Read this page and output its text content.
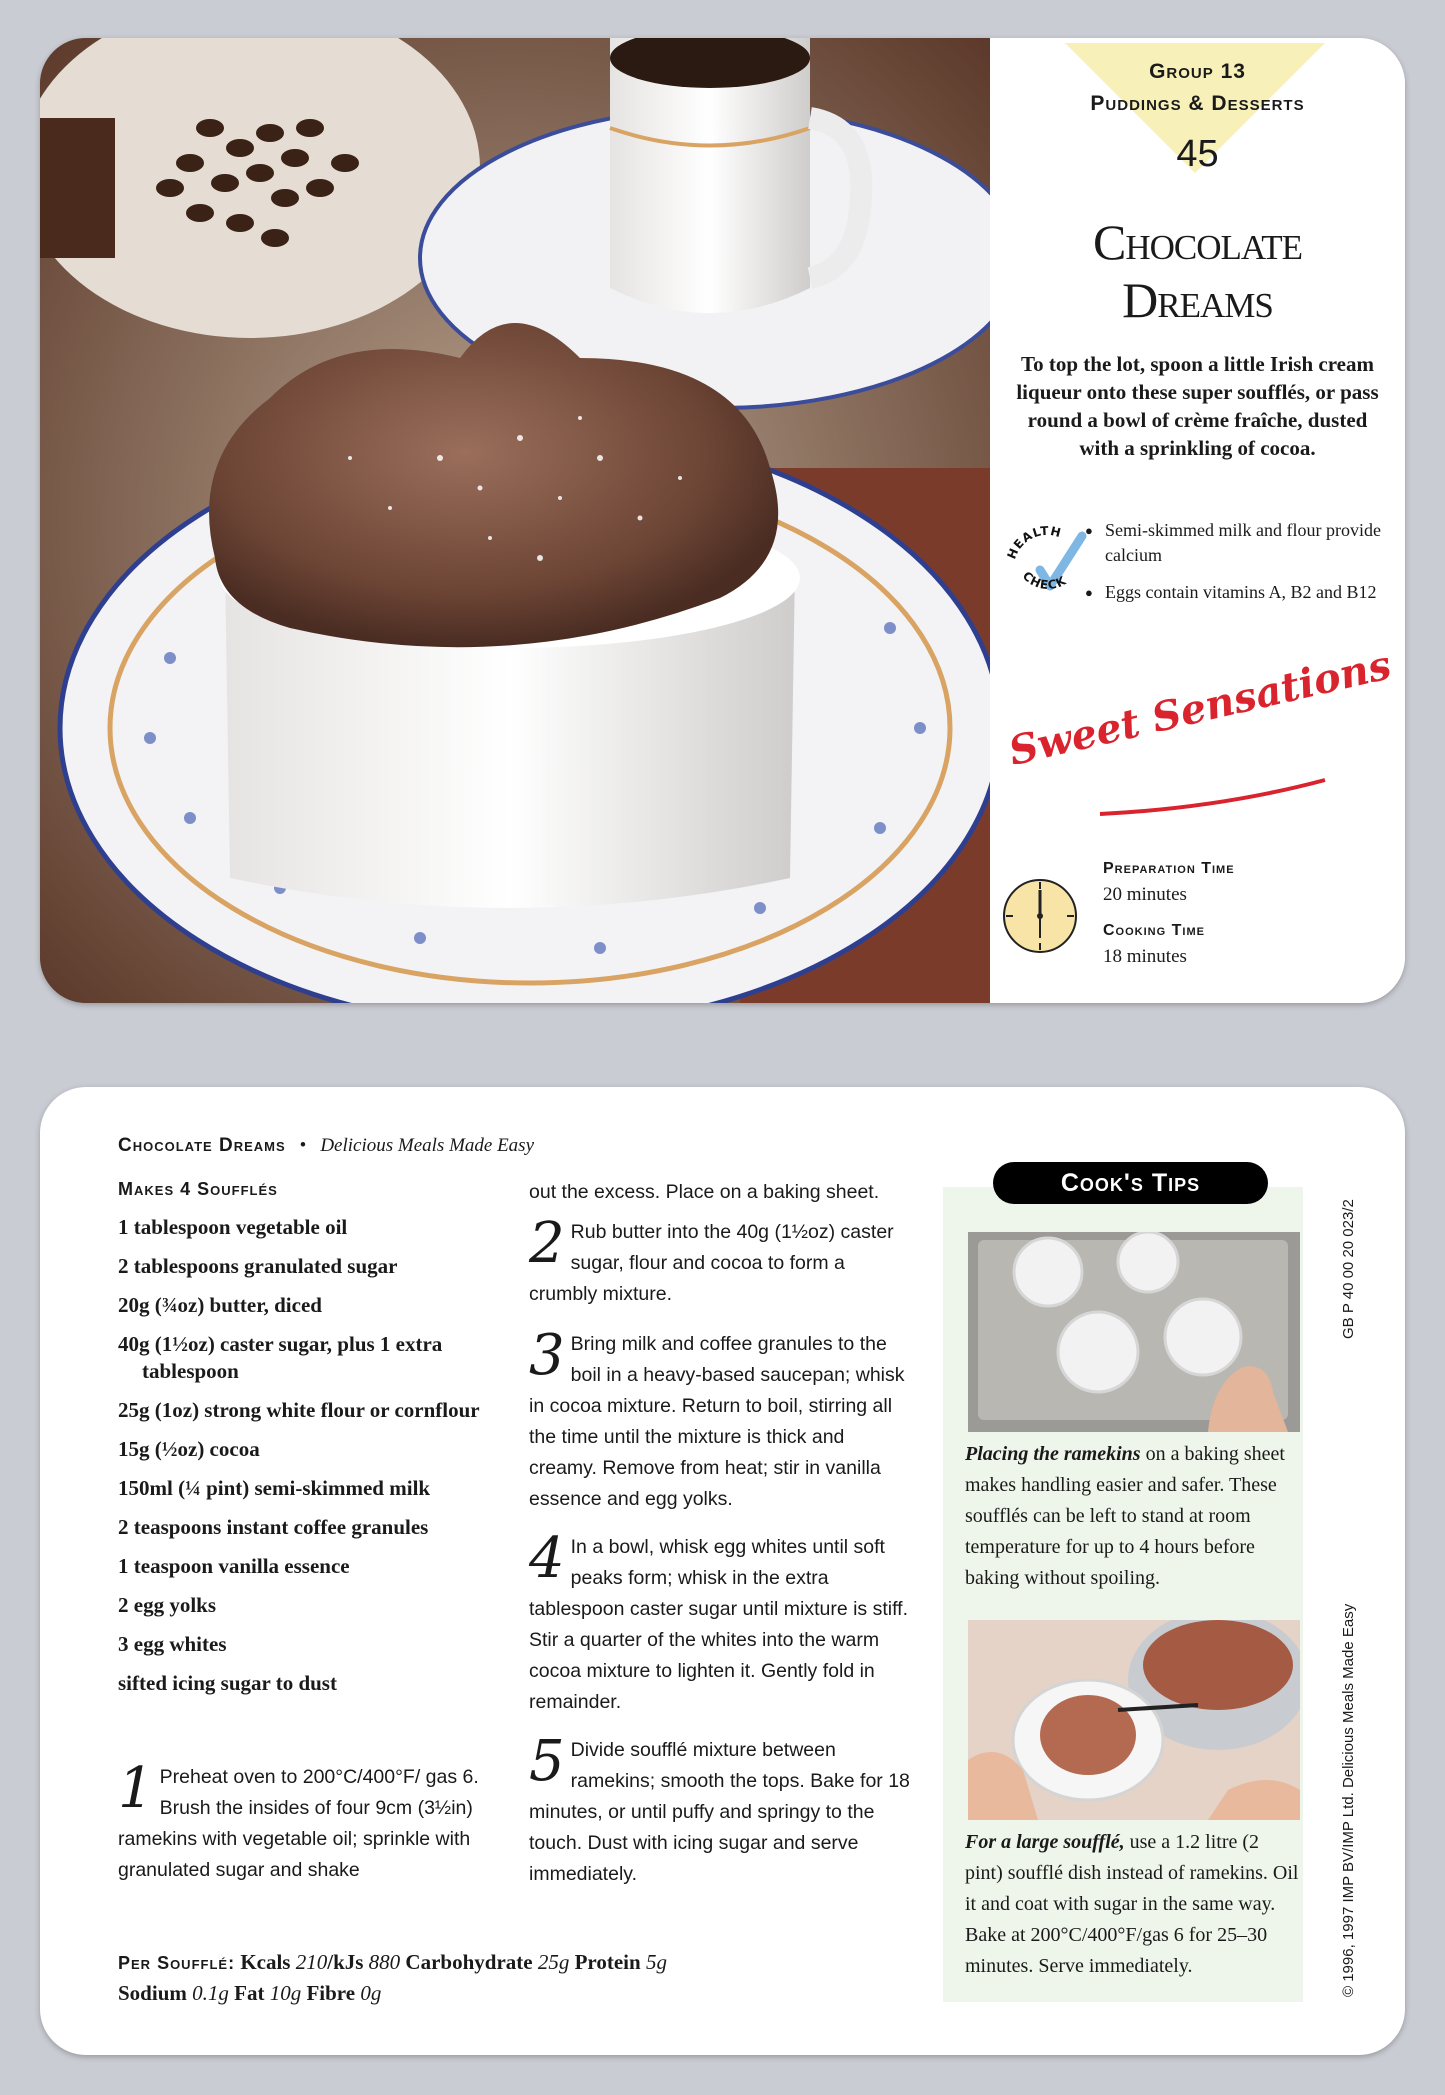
Group 13
Puddings & Desserts
45
Chocolate
Dreams
To top the lot, spoon a little Irish cream liqueur onto these super soufflés, or pass round a bowl of crème fraîche, dusted with a sprinkling of cocoa.
HEALTH
CHECK
● Semi-skimmed milk and flour provide calcium
● Eggs contain vitamins A, B2 and B12
Sweet Sensations
Preparation Time
20 minutes
Cooking Time
18 minutes
Chocolate Dreams • Delicious Meals Made Easy
Makes 4 Soufflés
1 tablespoon vegetable oil
2 tablespoons granulated sugar
20g (¾oz) butter, diced
40g (1½oz) caster sugar, plus 1 extra tablespoon
25g (1oz) strong white flour or cornflour
15g (½oz) cocoa
150ml (¼ pint) semi-skimmed milk
2 teaspoons instant coffee granules
1 teaspoon vanilla essence
2 egg yolks
3 egg whites
sifted icing sugar to dust
1 Preheat oven to 200°C/400°F/ gas 6. Brush the insides of four 9cm (3½in) ramekins with vegetable oil; sprinkle with granulated sugar and shake
out the excess. Place on a baking sheet.
2 Rub butter into the 40g (1½oz) caster sugar, flour and cocoa to form a crumbly mixture.
3 Bring milk and coffee granules to the boil in a heavy-based saucepan; whisk in cocoa mixture. Return to boil, stirring all the time until the mixture is thick and creamy. Remove from heat; stir in vanilla essence and egg yolks.
4 In a bowl, whisk egg whites until soft peaks form; whisk in the extra tablespoon caster sugar until mixture is stiff. Stir a quarter of the whites into the warm cocoa mixture to lighten it. Gently fold in remainder.
5 Divide soufflé mixture between ramekins; smooth the tops. Bake for 18 minutes, or until puffy and springy to the touch. Dust with icing sugar and serve immediately.
Per Soufflé: Kcals 210/kJs 880 Carbohydrate 25g Protein 5g
Sodium 0.1g Fat 10g Fibre 0g
Cook's Tips
Placing the ramekins on a baking sheet makes handling easier and safer. These soufflés can be left to stand at room temperature for up to 4 hours before baking without spoiling.
For a large soufflé, use a 1.2 litre (2 pint) soufflé dish instead of ramekins. Oil it and coat with sugar in the same way. Bake at 200°C/400°F/gas 6 for 25–30 minutes. Serve immediately.
GB P 40 00 20 023/2
© 1996, 1997 IMP BV/IMP Ltd. Delicious Meals Made Easy
